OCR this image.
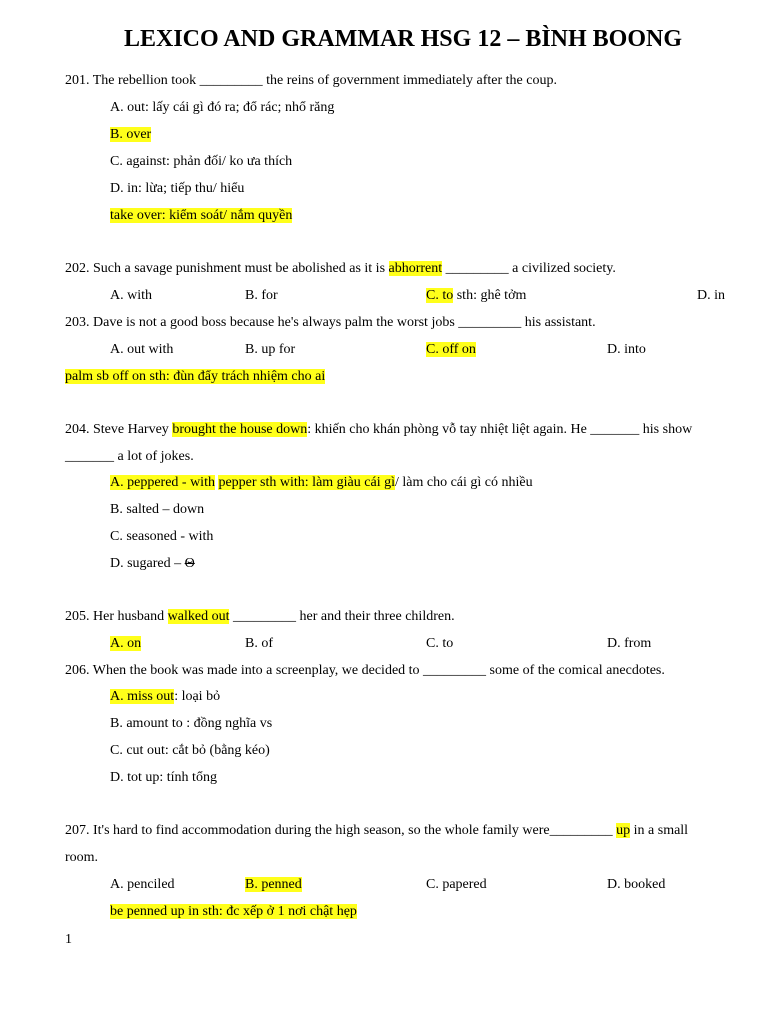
LEXICO AND GRAMMAR HSG 12 – BÌNH BOONG
201. The rebellion took _________ the reins of government immediately after the coup.
A. out: lấy cái gì đó ra; đổ rác; nhổ răng
B. over
C. against: phản đối/ ko ưa thích
D. in: lừa; tiếp thu/ hiểu
take over: kiểm soát/ nắm quyền
202. Such a savage punishment must be abolished as it is abhorrent _________ a civilized society.
A. with	B. for	C. to sth: ghê tởm	D. in
203. Dave is not a good boss because he's always palm the worst jobs _________ his assistant.
A. out with	B. up for	C. off on	D. into
palm sb off on sth: đùn đẩy trách nhiệm cho ai
204. Steve Harvey brought the house down: khiến cho khán phòng vỗ tay nhiệt liệt again. He _______ his show
_______ a lot of jokes.
A. peppered - with pepper sth with: làm giàu cái gì/ làm cho cái gì có nhiều
B. salted – down
C. seasoned - with
D. sugared – Θ
205. Her husband walked out _________ her and their three children.
A. on	B. of	C. to	D. from
206. When the book was made into a screenplay, we decided to _________ some of the comical anecdotes.
A. miss out: loại bỏ
B. amount to : đồng nghĩa vs
C. cut out: cắt bỏ (bằng kéo)
D. tot up: tính tổng
207. It's hard to find accommodation during the high season, so the whole family were_________ up in a small
room.
A. penciled	B. penned	C. papered	D. booked
be penned up in sth: đc xếp ở 1 nơi chật hẹp
1
